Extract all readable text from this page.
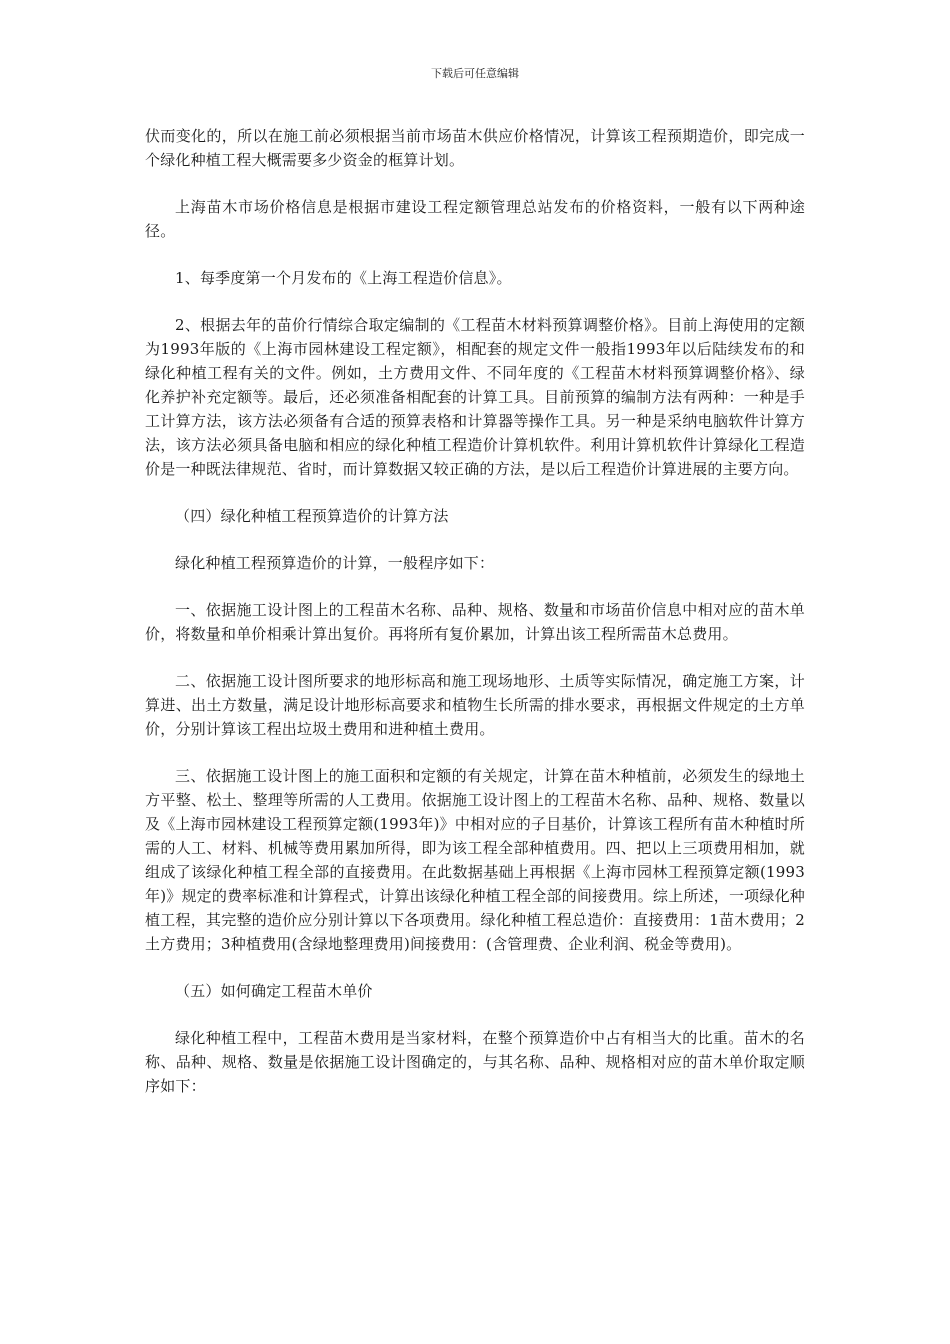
下载后可任意编辑

伏而变化的，所以在施工前必须根据当前市场苗木供应价格情况，计算该工程预期造价，即完成一个绿化种植工程大概需要多少资金的框算计划。

上海苗木市场价格信息是根据市建设工程定额管理总站发布的价格资料，一般有以下两种途径。

1、每季度第一个月发布的《上海工程造价信息》。

2、根据去年的苗价行情综合取定编制的《工程苗木材料预算调整价格》。目前上海使用的定额为1993年版的《上海市园林建设工程定额》，相配套的规定文件一般指1993年以后陆续发布的和绿化种植工程有关的文件。例如，土方费用文件、不同年度的《工程苗木材料预算调整价格》、绿化养护补充定额等。最后，还必须准备相配套的计算工具。目前预算的编制方法有两种：一种是手工计算方法，该方法必须备有合适的预算表格和计算器等操作工具。另一种是采纳电脑软件计算方法，该方法必须具备电脑和相应的绿化种植工程造价计算机软件。利用计算机软件计算绿化工程造价是一种既法律规范、省时，而计算数据又较正确的方法，是以后工程造价计算进展的主要方向。

（四）绿化种植工程预算造价的计算方法

绿化种植工程预算造价的计算，一般程序如下：

一、依据施工设计图上的工程苗木名称、品种、规格、数量和市场苗价信息中相对应的苗木单价，将数量和单价相乘计算出复价。再将所有复价累加，计算出该工程所需苗木总费用。

二、依据施工设计图所要求的地形标高和施工现场地形、土质等实际情况，确定施工方案，计算进、出土方数量，满足设计地形标高要求和植物生长所需的排水要求，再根据文件规定的土方单价，分别计算该工程出垃圾土费用和进种植土费用。

三、依据施工设计图上的施工面积和定额的有关规定，计算在苗木种植前，必须发生的绿地土方平整、松土、整理等所需的人工费用。依据施工设计图上的工程苗木名称、品种、规格、数量以及《上海市园林建设工程预算定额(1993年)》中相对应的子目基价，计算该工程所有苗木种植时所需的人工、材料、机械等费用累加所得，即为该工程全部种植费用。四、把以上三项费用相加，就组成了该绿化种植工程全部的直接费用。在此数据基础上再根据《上海市园林工程预算定额(1993年)》规定的费率标准和计算程式，计算出该绿化种植工程全部的间接费用。综上所述，一项绿化种植工程，其完整的造价应分别计算以下各项费用。绿化种植工程总造价：直接费用：1苗木费用；2土方费用；3种植费用(含绿地整理费用)间接费用：(含管理费、企业利润、税金等费用)。

（五）如何确定工程苗木单价

绿化种植工程中，工程苗木费用是当家材料，在整个预算造价中占有相当大的比重。苗木的名称、品种、规格、数量是依据施工设计图确定的，与其名称、品种、规格相对应的苗木单价取定顺序如下：
